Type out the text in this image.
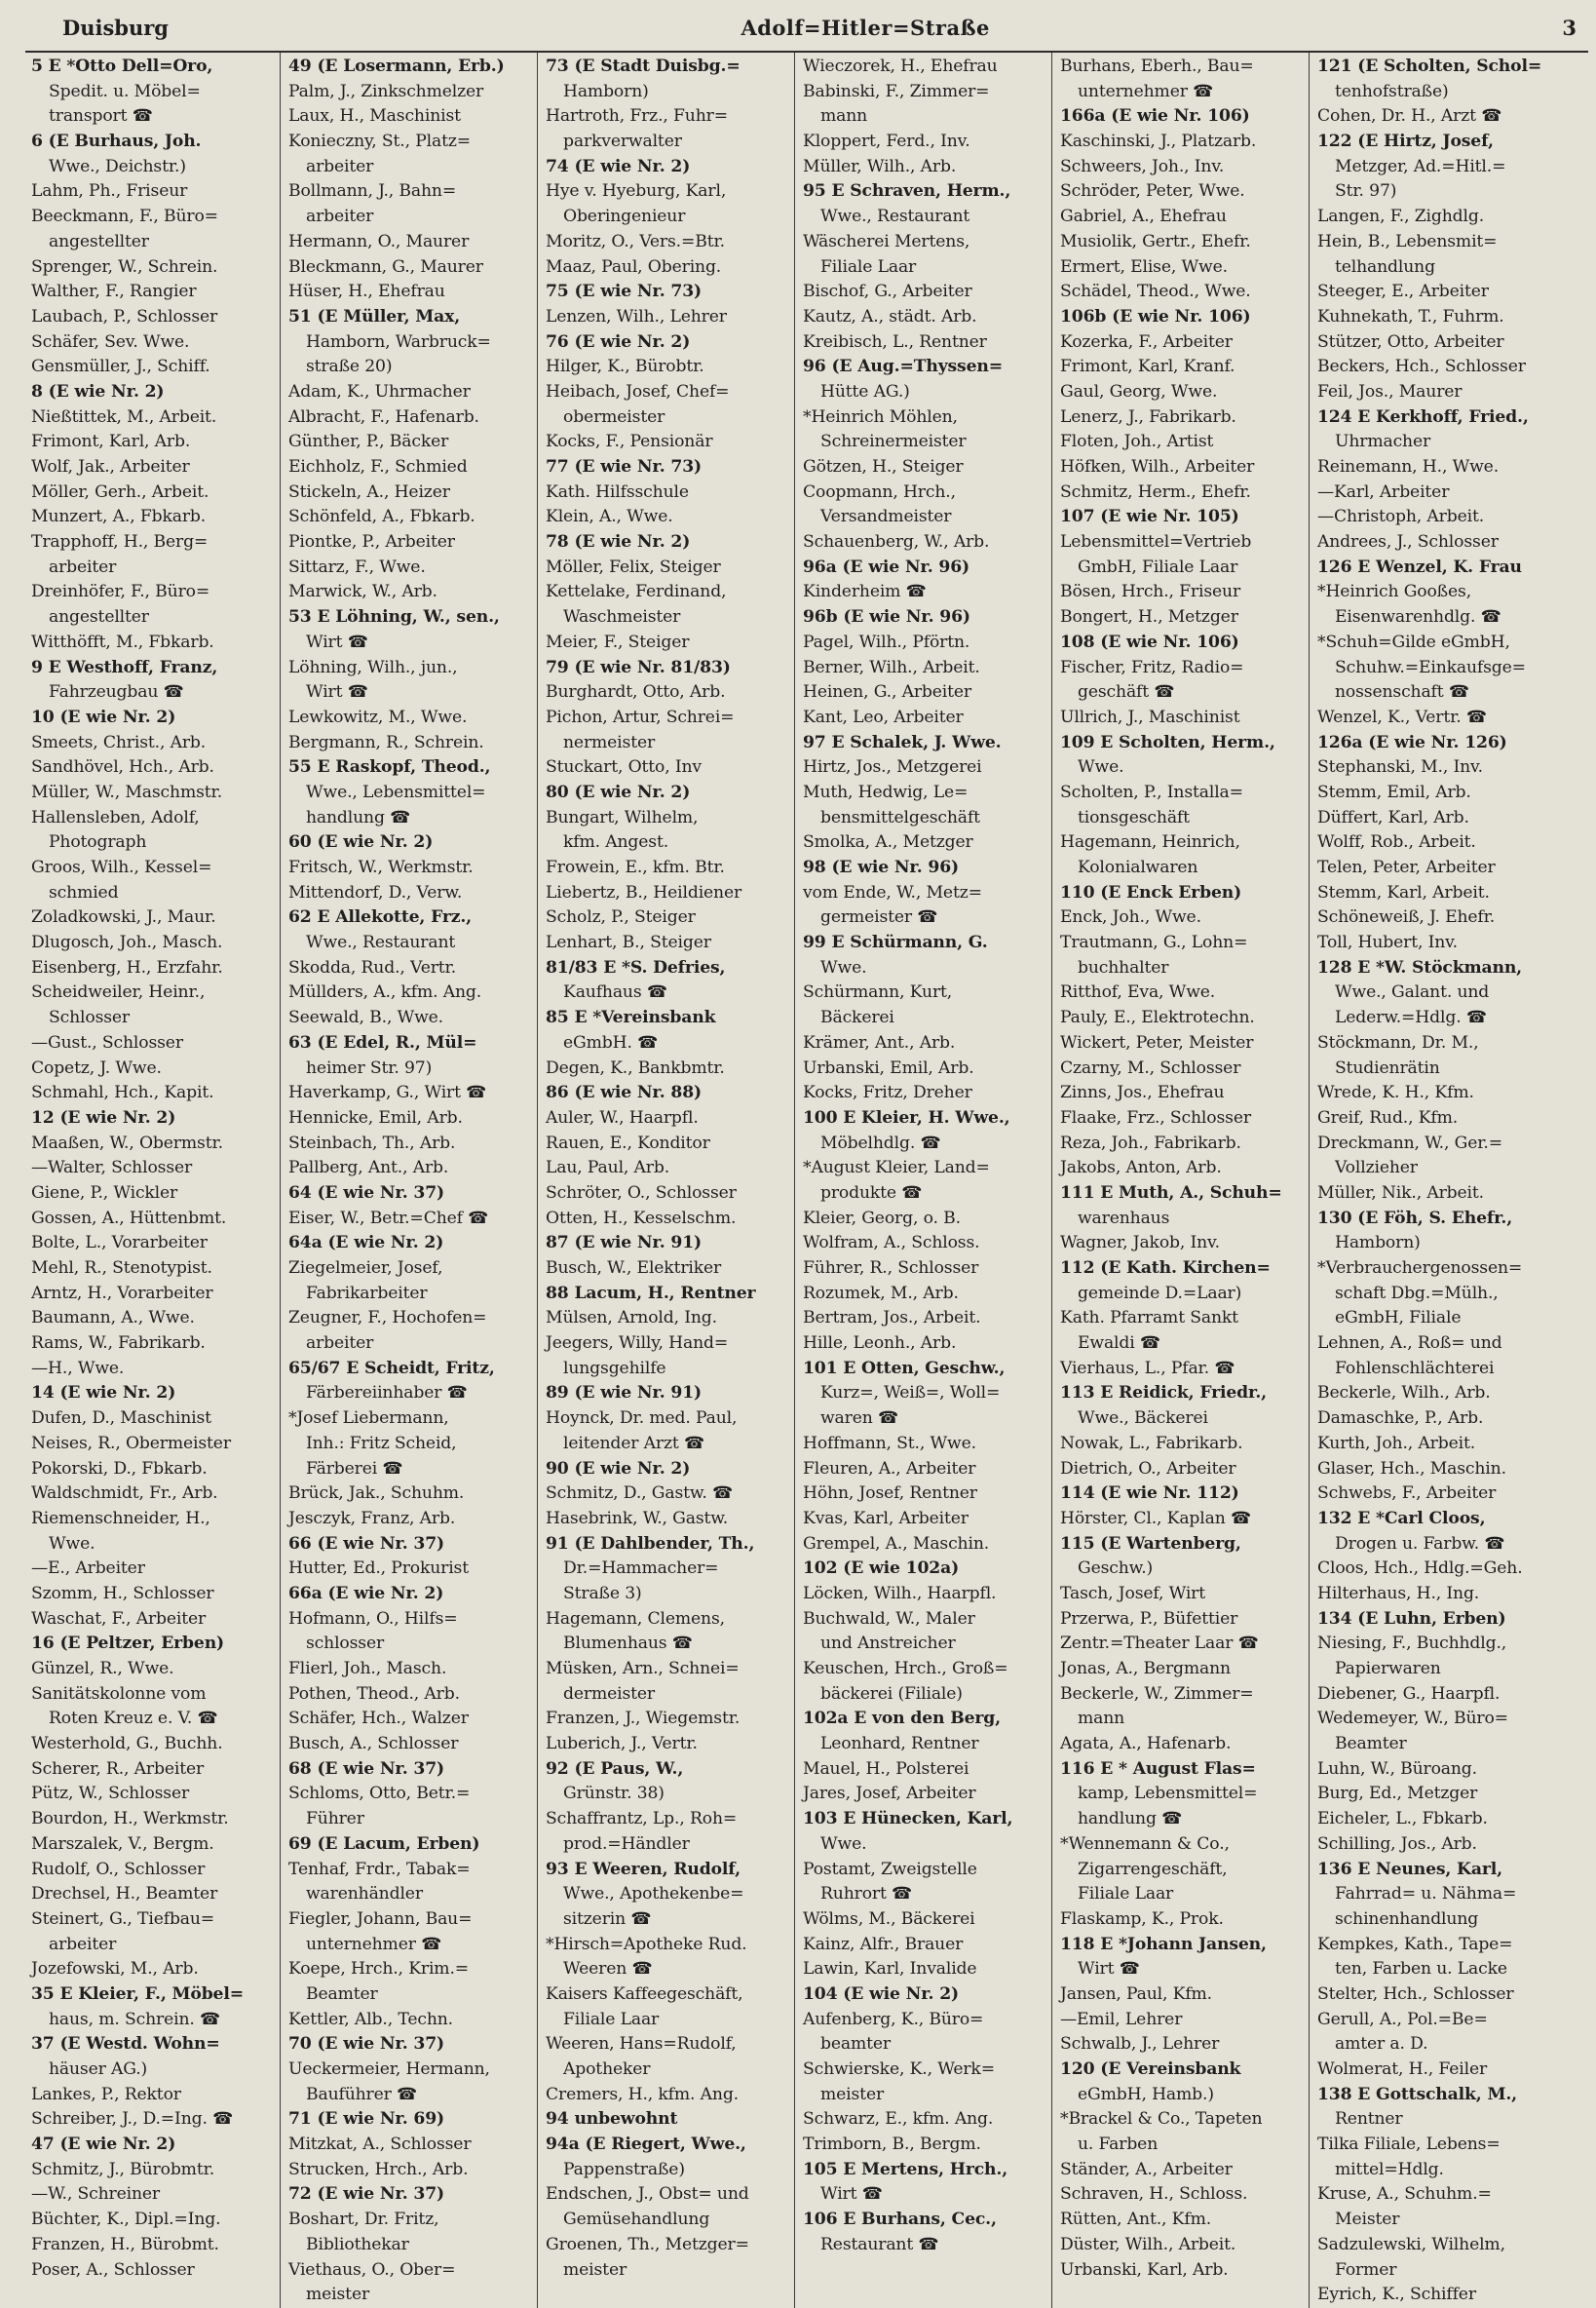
Duisburg	Adolf=Hitler=Straße	3
5 E *Otto Dell=Oro,
Spedit. u. Möbel=
transport ☎
6 (E Burhaus, Joh.
Wwe., Deichstr.)
Lahm, Ph., Friseur
Beeckmann, F., Büro=
angestellter
Sprenger, W., Schrein.
Walther, F., Rangier
Laubach, P., Schlosser
Schäfer, Sev. Wwe.
Gensmüller, J., Schiff.
8 (E wie Nr. 2)
Nießtittek, M., Arbeit.
Frimont, Karl, Arb.
Wolf, Jak., Arbeiter
Möller, Gerh., Arbeit.
Munzert, A., Fbkarb.
Trapphoff, H., Berg=
arbeiter
Dreinhöfer, F., Büro=
angestellter
Witthöfft, M., Fbkarb.
9 E Westhoff, Franz,
Fahrzeugbau ☎
10 (E wie Nr. 2)
Smeets, Christ., Arb.
Sandhövel, Hch., Arb.
Müller, W., Maschmstr.
Hallensleben, Adolf,
Photograph
Groos, Wilh., Kessel=
schmied
Zoladkowski, J., Maur.
Dlugosch, Joh., Masch.
Eisenberg, H., Erzfahr.
Scheidweiler, Heinr.,
Schlosser
—Gust., Schlosser
Copetz, J. Wwe.
Schmahl, Hch., Kapit.
12 (E wie Nr. 2)
Maaßen, W., Obermstr.
—Walter, Schlosser
Giene, P., Wickler
Gossen, A., Hüttenbmt.
Bolte, L., Vorarbeiter
Mehl, R., Stenotypist.
Arntz, H., Vorarbeiter
Baumann, A., Wwe.
Rams, W., Fabrikarb.
—H., Wwe.
14 (E wie Nr. 2)
Dufen, D., Maschinist
Neises, R., Obermeister
Pokorski, D., Fbkarb.
Waldschmidt, Fr., Arb.
Riemenschneider, H.,
Wwe.
—E., Arbeiter
Szomm, H., Schlosser
Waschat, F., Arbeiter
16 (E Peltzer, Erben)
Günzel, R., Wwe.
Sanitätskolonne vom
Roten Kreuz e. V. ☎
Westerhold, G., Buchh.
Scherer, R., Arbeiter
Pütz, W., Schlosser
Bourdon, H., Werkmstr.
Marszalek, V., Bergm.
Rudolf, O., Schlosser
Drechsel, H., Beamter
Steinert, G., Tiefbau=
arbeiter
Jozefowski, M., Arb.
35 E Kleier, F., Möbel=
haus, m. Schrein. ☎
37 (E Westd. Wohn=
häuser AG.)
Lankes, P., Rektor
Schreiber, J., D.=Ing. ☎
47 (E wie Nr. 2)
Schmitz, J., Bürobmtr.
—W., Schreiner
Büchter, K., Dipl.=Ing.
Franzen, H., Bürobmt.
Poser, A., Schlosser
49 (E Losermann, Erb.)
Palm, J., Zinkschmelzer
Laux, H., Maschinist
Konieczny, St., Platz=
arbeiter
Bollmann, J., Bahn=
arbeiter
Hermann, O., Maurer
Bleckmann, G., Maurer
Hüser, H., Ehefrau
51 (E Müller, Max,
Hamborn, Warbruck=
straße 20)
Adam, K., Uhrmacher
Albracht, F., Hafenarb.
Günther, P., Bäcker
Eichholz, F., Schmied
Stickeln, A., Heizer
Schönfeld, A., Fbkarb.
Piontke, P., Arbeiter
Sittarz, F., Wwe.
Marwick, W., Arb.
53 E Löhning, W., sen.,
Wirt ☎
Löhning, Wilh., jun.,
Wirt ☎
Lewkowitz, M., Wwe.
Bergmann, R., Schrein.
55 E Raskopf, Theod.,
Wwe., Lebensmittel=
handlung ☎
60 (E wie Nr. 2)
Fritsch, W., Werkmstr.
Mittendorf, D., Verw.
62 E Allekotte, Frz.,
Wwe., Restaurant
Skodda, Rud., Vertr.
Müllders, A., kfm. Ang.
Seewald, B., Wwe.
63 (E Edel, R., Mül=
heimer Str. 97)
Haverkamp, G., Wirt ☎
Hennicke, Emil, Arb.
Steinbach, Th., Arb.
Pallberg, Ant., Arb.
64 (E wie Nr. 37)
Eiser, W., Betr.=Chef ☎
64a (E wie Nr. 2)
Ziegelmeier, Josef,
Fabrikarbeiter
Zeugner, F., Hochofen=
arbeiter
65/67 E Scheidt, Fritz,
Färbereiinhaber ☎
*Josef Liebermann,
Inh.: Fritz Scheid,
Färberei ☎
Brück, Jak., Schuhm.
Jesczyk, Franz, Arb.
66 (E wie Nr. 37)
Hutter, Ed., Prokurist
66a (E wie Nr. 2)
Hofmann, O., Hilfs=
schlosser
Flierl, Joh., Masch.
Pothen, Theod., Arb.
Schäfer, Hch., Walzer
Busch, A., Schlosser
68 (E wie Nr. 37)
Schloms, Otto, Betr.=
Führer
69 (E Lacum, Erben)
Tenhaf, Frdr., Tabak=
warenhändler
Fiegler, Johann, Bau=
unternehmer ☎
Koepe, Hrch., Krim.=
Beamter
Kettler, Alb., Techn.
70 (E wie Nr. 37)
Ueckermeier, Hermann,
Bauführer ☎
71 (E wie Nr. 69)
Mitzkat, A., Schlosser
Strucken, Hrch., Arb.
72 (E wie Nr. 37)
Boshart, Dr. Fritz,
Bibliothekar
Viethaus, O., Ober=
meister
73 (E Stadt Duisbg.=
Hamborn)
Hartroth, Frz., Fuhr=
parkverwalter
74 (E wie Nr. 2)
Hye v. Hyeburg, Karl,
Oberingenieur
Moritz, O., Vers.=Btr.
Maaz, Paul, Obering.
75 (E wie Nr. 73)
Lenzen, Wilh., Lehrer
76 (E wie Nr. 2)
Hilger, K., Bürobtr.
Heibach, Josef, Chef=
obermeister
Kocks, F., Pensionär
77 (E wie Nr. 73)
Kath. Hilfsschule
Klein, A., Wwe.
78 (E wie Nr. 2)
Möller, Felix, Steiger
Kettelake, Ferdinand,
Waschmeister
Meier, F., Steiger
79 (E wie Nr. 81/83)
Burghardt, Otto, Arb.
Pichon, Artur, Schrei=
nermeister
Stuckart, Otto, Inv
80 (E wie Nr. 2)
Bungart, Wilhelm,
kfm. Angest.
Frowein, E., kfm. Btr.
Liebertz, B., Heildiener
Scholz, P., Steiger
Lenhart, B., Steiger
81/83 E *S. Defries,
Kaufhaus ☎
85 E *Vereinsbank
eGmbH. ☎
Degen, K., Bankbmtr.
86 (E wie Nr. 88)
Auler, W., Haarpfl.
Rauen, E., Konditor
Lau, Paul, Arb.
Schröter, O., Schlosser
Otten, H., Kesselschm.
87 (E wie Nr. 91)
Busch, W., Elektriker
88 Lacum, H., Rentner
Mülsen, Arnold, Ing.
Jeegers, Willy, Hand=
lungsgehilfe
89 (E wie Nr. 91)
Hoynck, Dr. med. Paul,
leitender Arzt ☎
90 (E wie Nr. 2)
Schmitz, D., Gastw. ☎
Hasebrink, W., Gastw.
91 (E Dahlbender, Th.,
Dr.=Hammacher=
Straße 3)
Hagemann, Clemens,
Blumenhaus ☎
Müsken, Arn., Schnei=
dermeister
Franzen, J., Wiegemstr.
Luberich, J., Vertr.
92 (E Paus, W.,
Grünstr. 38)
Schaffrantz, Lp., Roh=
prod.=Händler
93 E Weeren, Rudolf,
Wwe., Apothekenbe=
sitzerin ☎
*Hirsch=Apotheke Rud.
Weeren ☎
Kaisers Kaffeegeschäft,
Filiale Laar
Weeren, Hans=Rudolf,
Apotheker
Cremers, H., kfm. Ang.
94 unbewohnt
94a (E Riegert, Wwe.,
Pappenstraße)
Endschen, J., Obst= und
Gemüsehandlung
Groenen, Th., Metzger=
meister
Wieczorek, H., Ehefrau
Babinski, F., Zimmer=
mann
Kloppert, Ferd., Inv.
Müller, Wilh., Arb.
95 E Schraven, Herm.,
Wwe., Restaurant
Wäscherei Mertens,
Filiale Laar
Bischof, G., Arbeiter
Kautz, A., städt. Arb.
Kreibisch, L., Rentner
96 (E Aug.=Thyssen=
Hütte AG.)
*Heinrich Möhlen,
Schreinermeister
Götzen, H., Steiger
Coopmann, Hrch.,
Versandmeister
Schauenberg, W., Arb.
96a (E wie Nr. 96)
Kinderheim ☎
96b (E wie Nr. 96)
Pagel, Wilh., Pförtn.
Berner, Wilh., Arbeit.
Heinen, G., Arbeiter
Kant, Leo, Arbeiter
97 E Schalek, J. Wwe.
Hirtz, Jos., Metzgerei
Muth, Hedwig, Le=
bensmittelgeschäft
Smolka, A., Metzger
98 (E wie Nr. 96)
vom Ende, W., Metz=
germeister ☎
99 E Schürmann, G.
Wwe.
Schürmann, Kurt,
Bäckerei
Krämer, Ant., Arb.
Urbanski, Emil, Arb.
Kocks, Fritz, Dreher
100 E Kleier, H. Wwe.,
Möbelhdlg. ☎
*August Kleier, Land=
produkte ☎
Kleier, Georg, o. B.
Wolfram, A., Schloss.
Führer, R., Schlosser
Rozumek, M., Arb.
Bertram, Jos., Arbeit.
Hille, Leonh., Arb.
101 E Otten, Geschw.,
Kurz=, Weiß=, Woll=
waren ☎
Hoffmann, St., Wwe.
Fleuren, A., Arbeiter
Höhn, Josef, Rentner
Kvas, Karl, Arbeiter
Grempel, A., Maschin.
102 (E wie 102a)
Löcken, Wilh., Haarpfl.
Buchwald, W., Maler
und Anstreicher
Keuschen, Hrch., Groß=
bäckerei (Filiale)
102a E von den Berg,
Leonhard, Rentner
Mauel, H., Polsterei
Jares, Josef, Arbeiter
103 E Hünecken, Karl,
Wwe.
Postamt, Zweigstelle
Ruhrort ☎
Wölms, M., Bäckerei
Kainz, Alfr., Brauer
Lawin, Karl, Invalide
104 (E wie Nr. 2)
Aufenberg, K., Büro=
beamter
Schwierske, K., Werk=
meister
Schwarz, E., kfm. Ang.
Trimborn, B., Bergm.
105 E Mertens, Hrch.,
Wirt ☎
106 E Burhans, Cec.,
Restaurant ☎
Burhans, Eberh., Bau=
unternehmer ☎
166a (E wie Nr. 106)
Kaschinski, J., Platzarb.
Schweers, Joh., Inv.
Schröder, Peter, Wwe.
Gabriel, A., Ehefrau
Musiolik, Gertr., Ehefr.
Ermert, Elise, Wwe.
Schädel, Theod., Wwe.
106b (E wie Nr. 106)
Kozerka, F., Arbeiter
Frimont, Karl, Kranf.
Gaul, Georg, Wwe.
Lenerz, J., Fabrikarb.
Floten, Joh., Artist
Höfken, Wilh., Arbeiter
Schmitz, Herm., Ehefr.
107 (E wie Nr. 105)
Lebensmittel=Vertrieb
GmbH, Filiale Laar
Bösen, Hrch., Friseur
Bongert, H., Metzger
108 (E wie Nr. 106)
Fischer, Fritz, Radio=
geschäft ☎
Ullrich, J., Maschinist
109 E Scholten, Herm.,
Wwe.
Scholten, P., Installa=
tionsgeschäft
Hagemann, Heinrich,
Kolonialwaren
110 (E Enck Erben)
Enck, Joh., Wwe.
Trautmann, G., Lohn=
buchhalter
Ritthof, Eva, Wwe.
Pauly, E., Elektrotechn.
Wickert, Peter, Meister
Czarny, M., Schlosser
Zinns, Jos., Ehefrau
Flaake, Frz., Schlosser
Reza, Joh., Fabrikarb.
Jakobs, Anton, Arb.
111 E Muth, A., Schuh=
warenhaus
Wagner, Jakob, Inv.
112 (E Kath. Kirchen=
gemeinde D.=Laar)
Kath. Pfarramt Sankt
Ewaldi ☎
Vierhaus, L., Pfar. ☎
113 E Reidick, Friedr.,
Wwe., Bäckerei
Nowak, L., Fabrikarb.
Dietrich, O., Arbeiter
114 (E wie Nr. 112)
Hörster, Cl., Kaplan ☎
115 (E Wartenberg,
Geschw.)
Tasch, Josef, Wirt
Przerwa, P., Büfettier
Zentr.=Theater Laar ☎
Jonas, A., Bergmann
Beckerle, W., Zimmer=
mann
Agata, A., Hafenarb.
116 E * August Flas=
kamp, Lebensmittel=
handlung ☎
*Wennemann & Co.,
Zigarrengeschäft,
Filiale Laar
Flaskamp, K., Prok.
118 E *Johann Jansen,
Wirt ☎
Jansen, Paul, Kfm.
—Emil, Lehrer
Schwalb, J., Lehrer
120 (E Vereinsbank
eGmbH, Hamb.)
*Brackel & Co., Tapeten
u. Farben
Ständer, A., Arbeiter
Schraven, H., Schloss.
Rütten, Ant., Kfm.
Düster, Wilh., Arbeit.
Urbanski, Karl, Arb.
121 (E Scholten, Schol=
tenhofstraße)
Cohen, Dr. H., Arzt ☎
122 (E Hirtz, Josef,
Metzger, Ad.=Hitl.=
Str. 97)
Langen, F., Zighdlg.
Hein, B., Lebensmit=
telhandlung
Steeger, E., Arbeiter
Kuhnekath, T., Fuhrm.
Stützer, Otto, Arbeiter
Beckers, Hch., Schlosser
Feil, Jos., Maurer
124 E Kerkhoff, Fried.,
Uhrmacher
Reinemann, H., Wwe.
—Karl, Arbeiter
—Christoph, Arbeit.
Andrees, J., Schlosser
126 E Wenzel, K. Frau
*Heinrich Gooßes,
Eisenwarenhdlg. ☎
*Schuh=Gilde eGmbH,
Schuhw.=Einkaufsge=
nossenschaft ☎
Wenzel, K., Vertr. ☎
126a (E wie Nr. 126)
Stephanski, M., Inv.
Stemm, Emil, Arb.
Düffert, Karl, Arb.
Wolff, Rob., Arbeit.
Telen, Peter, Arbeiter
Stemm, Karl, Arbeit.
Schöneweiß, J. Ehefr.
Toll, Hubert, Inv.
128 E *W. Stöckmann,
Wwe., Galant. und
Lederw.=Hdlg. ☎
Stöckmann, Dr. M.,
Studienrätin
Wrede, K. H., Kfm.
Greif, Rud., Kfm.
Dreckmann, W., Ger.=
Vollzieher
Müller, Nik., Arbeit.
130 (E Föh, S. Ehefr.,
Hamborn)
*Verbrauchergenossen=
schaft Dbg.=Mülh.,
eGmbH, Filiale
Lehnen, A., Roß= und
Fohlenschlächterei
Beckerle, Wilh., Arb.
Damaschke, P., Arb.
Kurth, Joh., Arbeit.
Glaser, Hch., Maschin.
Schwebs, F., Arbeiter
132 E *Carl Cloos,
Drogen u. Farbw. ☎
Cloos, Hch., Hdlg.=Geh.
Hilterhaus, H., Ing.
134 (E Luhn, Erben)
Niesing, F., Buchhdlg.,
Papierwaren
Diebener, G., Haarpfl.
Wedemeyer, W., Büro=
Beamter
Luhn, W., Büroang.
Burg, Ed., Metzger
Eicheler, L., Fbkarb.
Schilling, Jos., Arb.
136 E Neunes, Karl,
Fahrrad= u. Nähma=
schinenhandlung
Kempkes, Kath., Tape=
ten, Farben u. Lacke
Stelter, Hch., Schlosser
Gerull, A., Pol.=Be=
amter a. D.
Wolmerat, H., Feiler
138 E Gottschalk, M.,
Rentner
Tilka Filiale, Lebens=
mittel=Hdlg.
Kruse, A., Schuhm.=
Meister
Sadzulewski, Wilhelm,
Former
Eyrich, K., Schiffer
